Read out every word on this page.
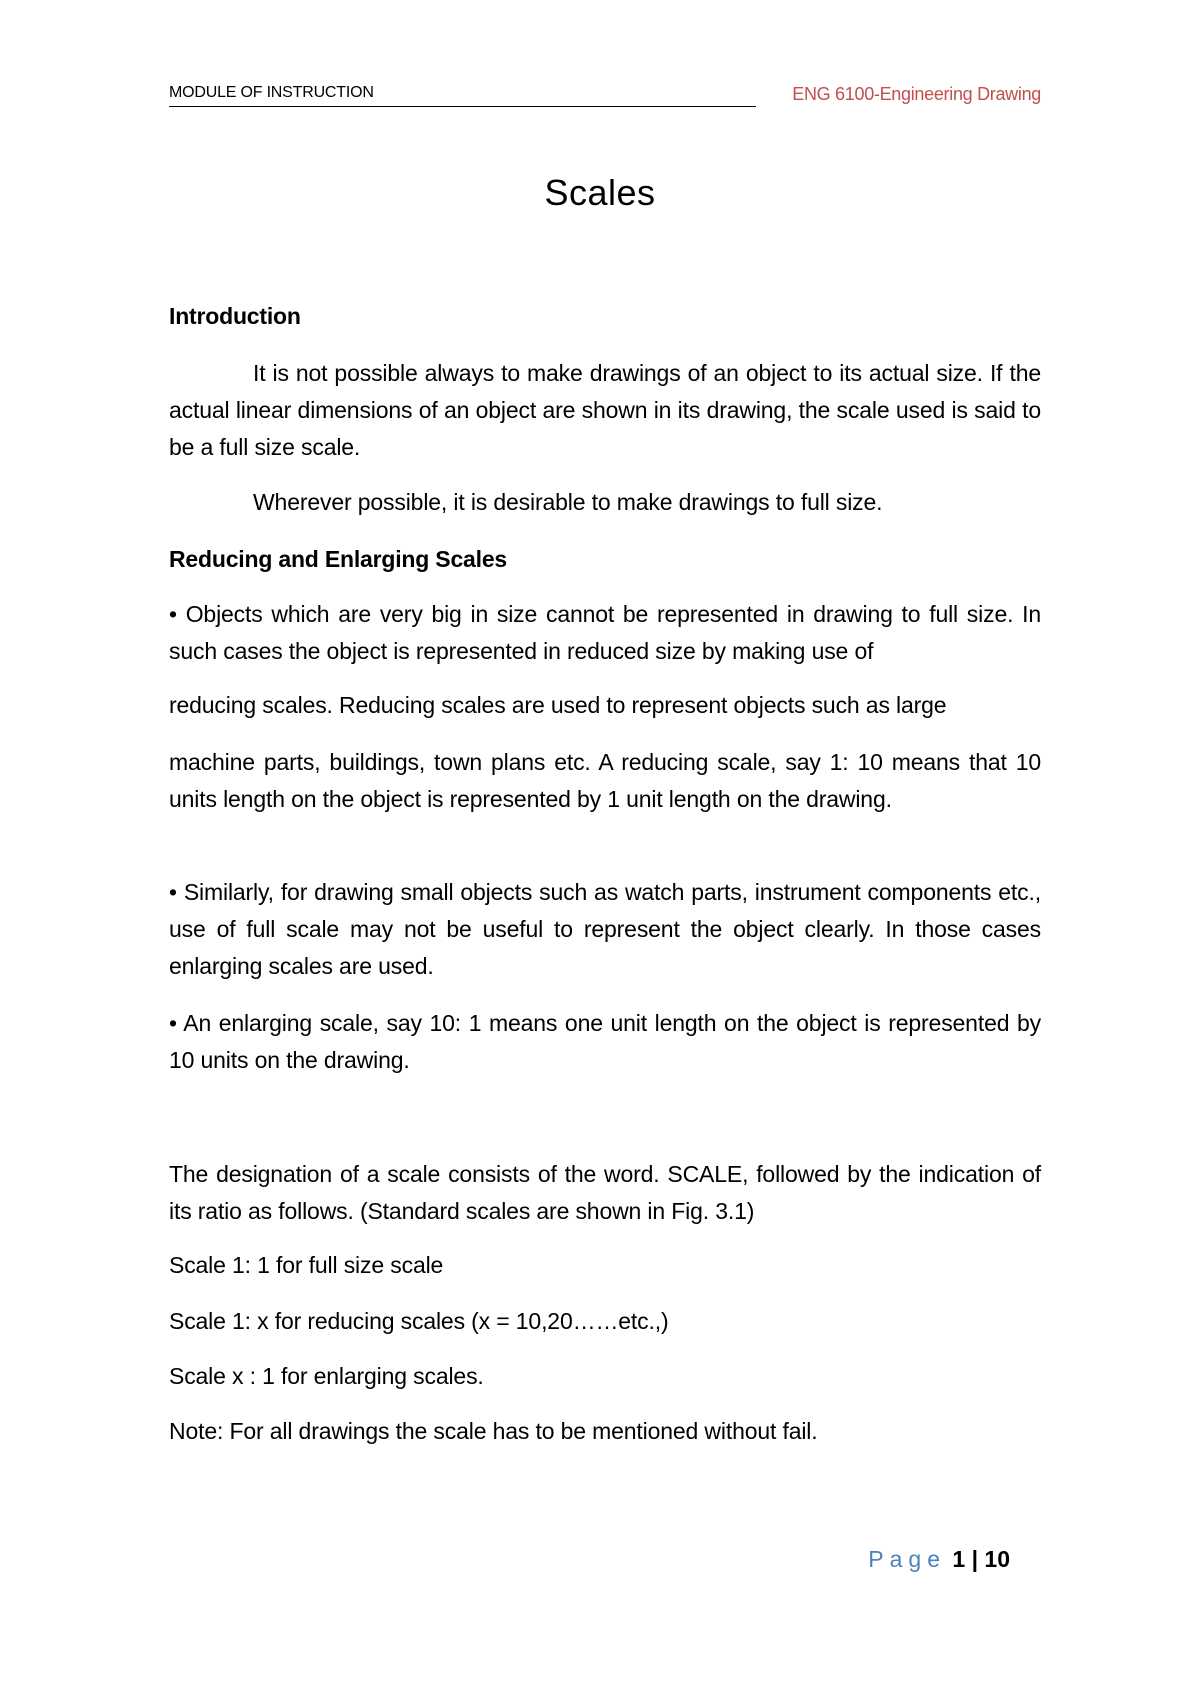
MODULE OF INSTRUCTION	ENG 6100-Engineering Drawing
Scales
Introduction
It is not possible always to make drawings of an object to its actual size. If the actual linear dimensions of an object are shown in its drawing, the scale used is said to be a full size scale.
Wherever possible, it is desirable to make drawings to full size.
Reducing and Enlarging Scales
• Objects which are very big in size cannot be represented in drawing to full size. In such cases the object is represented in reduced size by making use of
reducing scales. Reducing scales are used to represent objects such as large
machine parts, buildings, town plans etc. A reducing scale, say 1: 10 means that 10 units length on the object is represented by 1 unit length on the drawing.
• Similarly, for drawing small objects such as watch parts, instrument components etc., use of full scale may not be useful to represent the object clearly. In those cases enlarging scales are used.
• An enlarging scale, say 10: 1 means one unit length on the object is represented by 10 units on the drawing.
The designation of a scale consists of the word. SCALE, followed by the indication of its ratio as follows. (Standard scales are shown in Fig. 3.1)
Scale 1: 1 for full size scale
Scale 1: x for reducing scales (x = 10,20……etc.,)
Scale x : 1 for enlarging scales.
Note: For all drawings the scale has to be mentioned without fail.
Page 1 | 10
